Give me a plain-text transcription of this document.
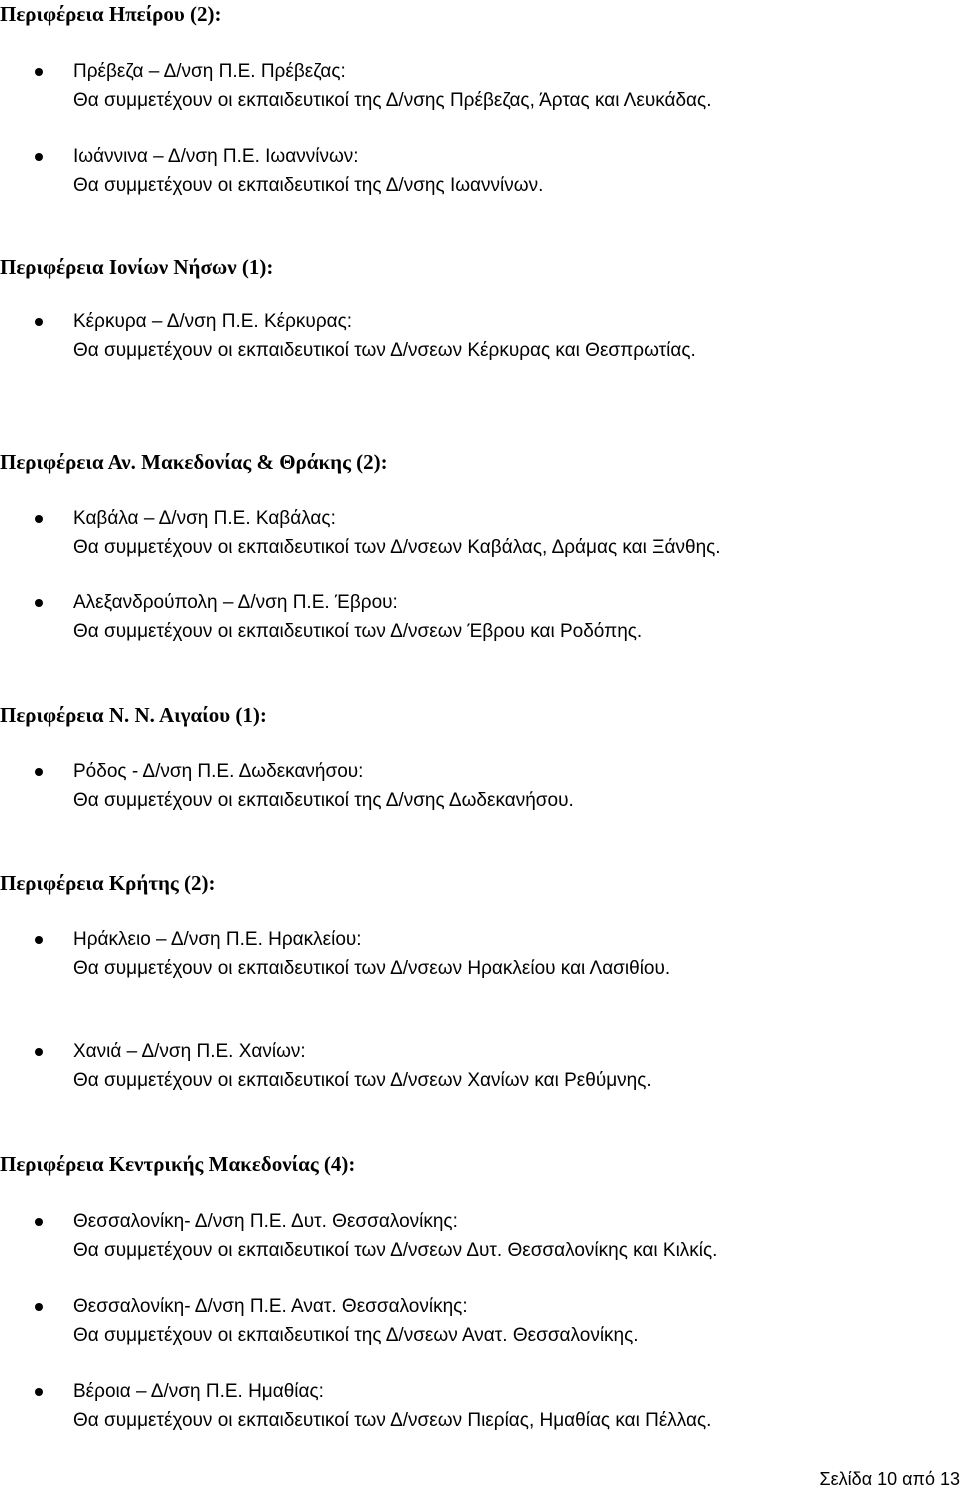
Περιφέρεια Ηπείρου (2):
Πρέβεζα – Δ/νση Π.Ε. Πρέβεζας:
Θα συμμετέχουν οι εκπαιδευτικοί της Δ/νσης Πρέβεζας, Άρτας και Λευκάδας.
Ιωάννινα – Δ/νση Π.Ε. Ιωαννίνων:
Θα συμμετέχουν οι εκπαιδευτικοί της Δ/νσης Ιωαννίνων.
Περιφέρεια Ιονίων Νήσων (1):
Κέρκυρα – Δ/νση Π.Ε. Κέρκυρας:
Θα συμμετέχουν οι εκπαιδευτικοί των Δ/νσεων Κέρκυρας και Θεσπρωτίας.
Περιφέρεια Αν. Μακεδονίας & Θράκης (2):
Καβάλα – Δ/νση Π.Ε. Καβάλας:
Θα συμμετέχουν οι εκπαιδευτικοί των Δ/νσεων Καβάλας, Δράμας και Ξάνθης.
Αλεξανδρούπολη – Δ/νση Π.Ε. Έβρου:
Θα συμμετέχουν οι εκπαιδευτικοί των Δ/νσεων Έβρου και Ροδόπης.
Περιφέρεια Ν. Ν. Αιγαίου (1):
Ρόδος - Δ/νση Π.Ε. Δωδεκανήσου:
Θα συμμετέχουν οι εκπαιδευτικοί της Δ/νσης Δωδεκανήσου.
Περιφέρεια Κρήτης (2):
Ηράκλειο – Δ/νση Π.Ε. Ηρακλείου:
Θα συμμετέχουν οι εκπαιδευτικοί των Δ/νσεων Ηρακλείου και Λασιθίου.
Χανιά – Δ/νση Π.Ε. Χανίων:
Θα συμμετέχουν οι εκπαιδευτικοί των Δ/νσεων Χανίων και Ρεθύμνης.
Περιφέρεια Κεντρικής Μακεδονίας (4):
Θεσσαλονίκη- Δ/νση Π.Ε. Δυτ. Θεσσαλονίκης:
Θα συμμετέχουν οι εκπαιδευτικοί των Δ/νσεων Δυτ. Θεσσαλονίκης και Κιλκίς.
Θεσσαλονίκη- Δ/νση Π.Ε. Ανατ. Θεσσαλονίκης:
Θα συμμετέχουν οι εκπαιδευτικοί της Δ/νσεων Ανατ. Θεσσαλονίκης.
Βέροια – Δ/νση Π.Ε. Ημαθίας:
Θα συμμετέχουν οι εκπαιδευτικοί των Δ/νσεων Πιερίας, Ημαθίας και Πέλλας.
Σελίδα 10 από 13
